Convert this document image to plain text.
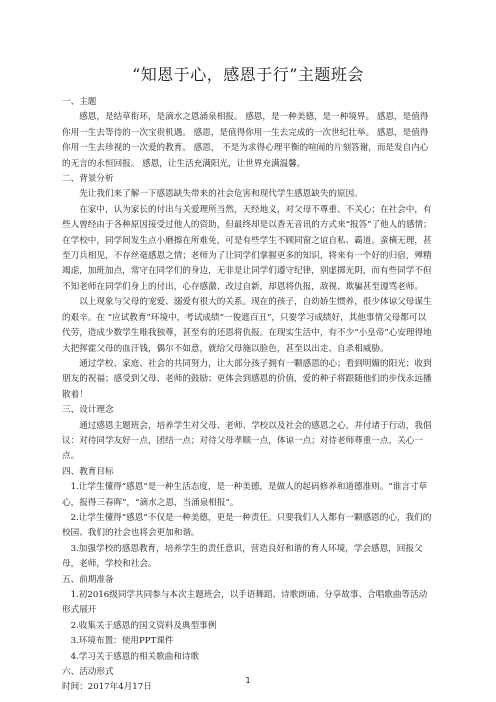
“知恩于心，感恩于行”主题班会

一、主题

感恩，是结草衔环，是滴水之恩涌泉相报。 感恩，是一种美德，是一种境界。 感恩，是值得你用一生去等待的一次宝贵机遇。 感恩，是值得你用一生去完成的一次世纪壮举。 感恩，是值得你用一生去珍视的一次爱的教育。 感恩， 不是为求得心理平衡的喧闹的片刻答谢，而是发自内心的无言的永恒回报。 感恩，让生活充满阳光，让世界充满温馨。

二、背景分析

先让我们来了解一下感恩缺失带来的社会危害和现代学生感恩缺失的原因。

在家中，认为家长的付出与关爱理所当然，天经地义，对父母不尊重、不关心；在社会中，有些人曾经由于各种原因接受过他人的资助，但最终却是以香无音讯的方式来“报答”了他人的感情；在学校中，同学间发生点小磨擦在所难免，可是有些学生不顾同窗之谊自私、霸道、蛮横无理，甚至刀兵相见，不存丝毫感恩之情；老师为了让同学们掌握更多的知识，将来有一个好的归宿，殚精竭虑，加班加点，常守在同学们的身边，无非是让同学们遵守纪律，别虚掷光阴，而有些同学不但不知老师在同学们身上的付出，心存感激、改过自新，却恩将仇报，敌视、欺骗甚至谩骂老师。

以上现象与父母的宠爱、溺爱有很大的关系。现在的孩子，自幼娇生惯养，很少体谅父母谋生的艰辛。在 “应试教育”环境中，考试成绩“一俊遮百丑”，只要学习成绩好，其他事情父母都可以代劳，造成少数学生唯我独尊，甚至有的还恩将仇报。在现实生活中，有不少“小皇帝”心安理得地大把挥霍父母的血汗钱，偶尔不如意，就给父母施以脸色，甚至以出走、自杀相威胁。

通过学校、家庭、社会的共同努力，让大部分孩子拥有一颗感恩的心；看到明媚的阳光；收到朋友的祝福；感受到父母、老师的鼓励；更体会到感恩的价值，爱的种子将跟随他们的步伐永远播散着！

三、设计理念

通过感恩主题班会，培养学生对父母、老师、学校以及社会的感恩之心，并付诸于行动，我倡议：对待同学友好一点，团结一点；对待父母孝顺一点，体谅一点；对待老师尊重一点，关心一点。

四、教育目标

1.让学生懂得“感恩”是一种生活态度，是一种美德，是做人的起码修养和道德准则。“谁言寸草心，报得三春晖”，“滴水之恩，当涌泉相报”。

2.让学生懂得“感恩”不仅是一种美德，更是一种责任。只要我们人人都有一颗感恩的心，我们的校园、我们的社会也将会更加和谐。

3.加强学校的感恩教育，培养学生的责任意识，营造良好和谐的育人环境，学会感恩，回报父母，老师，学校和社会。

五、前期准备

1.初2016级同学共同参与本次主题班会，以手语舞蹈、诗歌朗诵、分享故事、合唱歌曲等活动形式展开

2.收集关于感恩的国文资料及典型事例

3.环境布置：使用PPT课件

4.学习关于感恩的相关歌曲和诗歌

六、活动形式

时间：2017年4月17日

1
